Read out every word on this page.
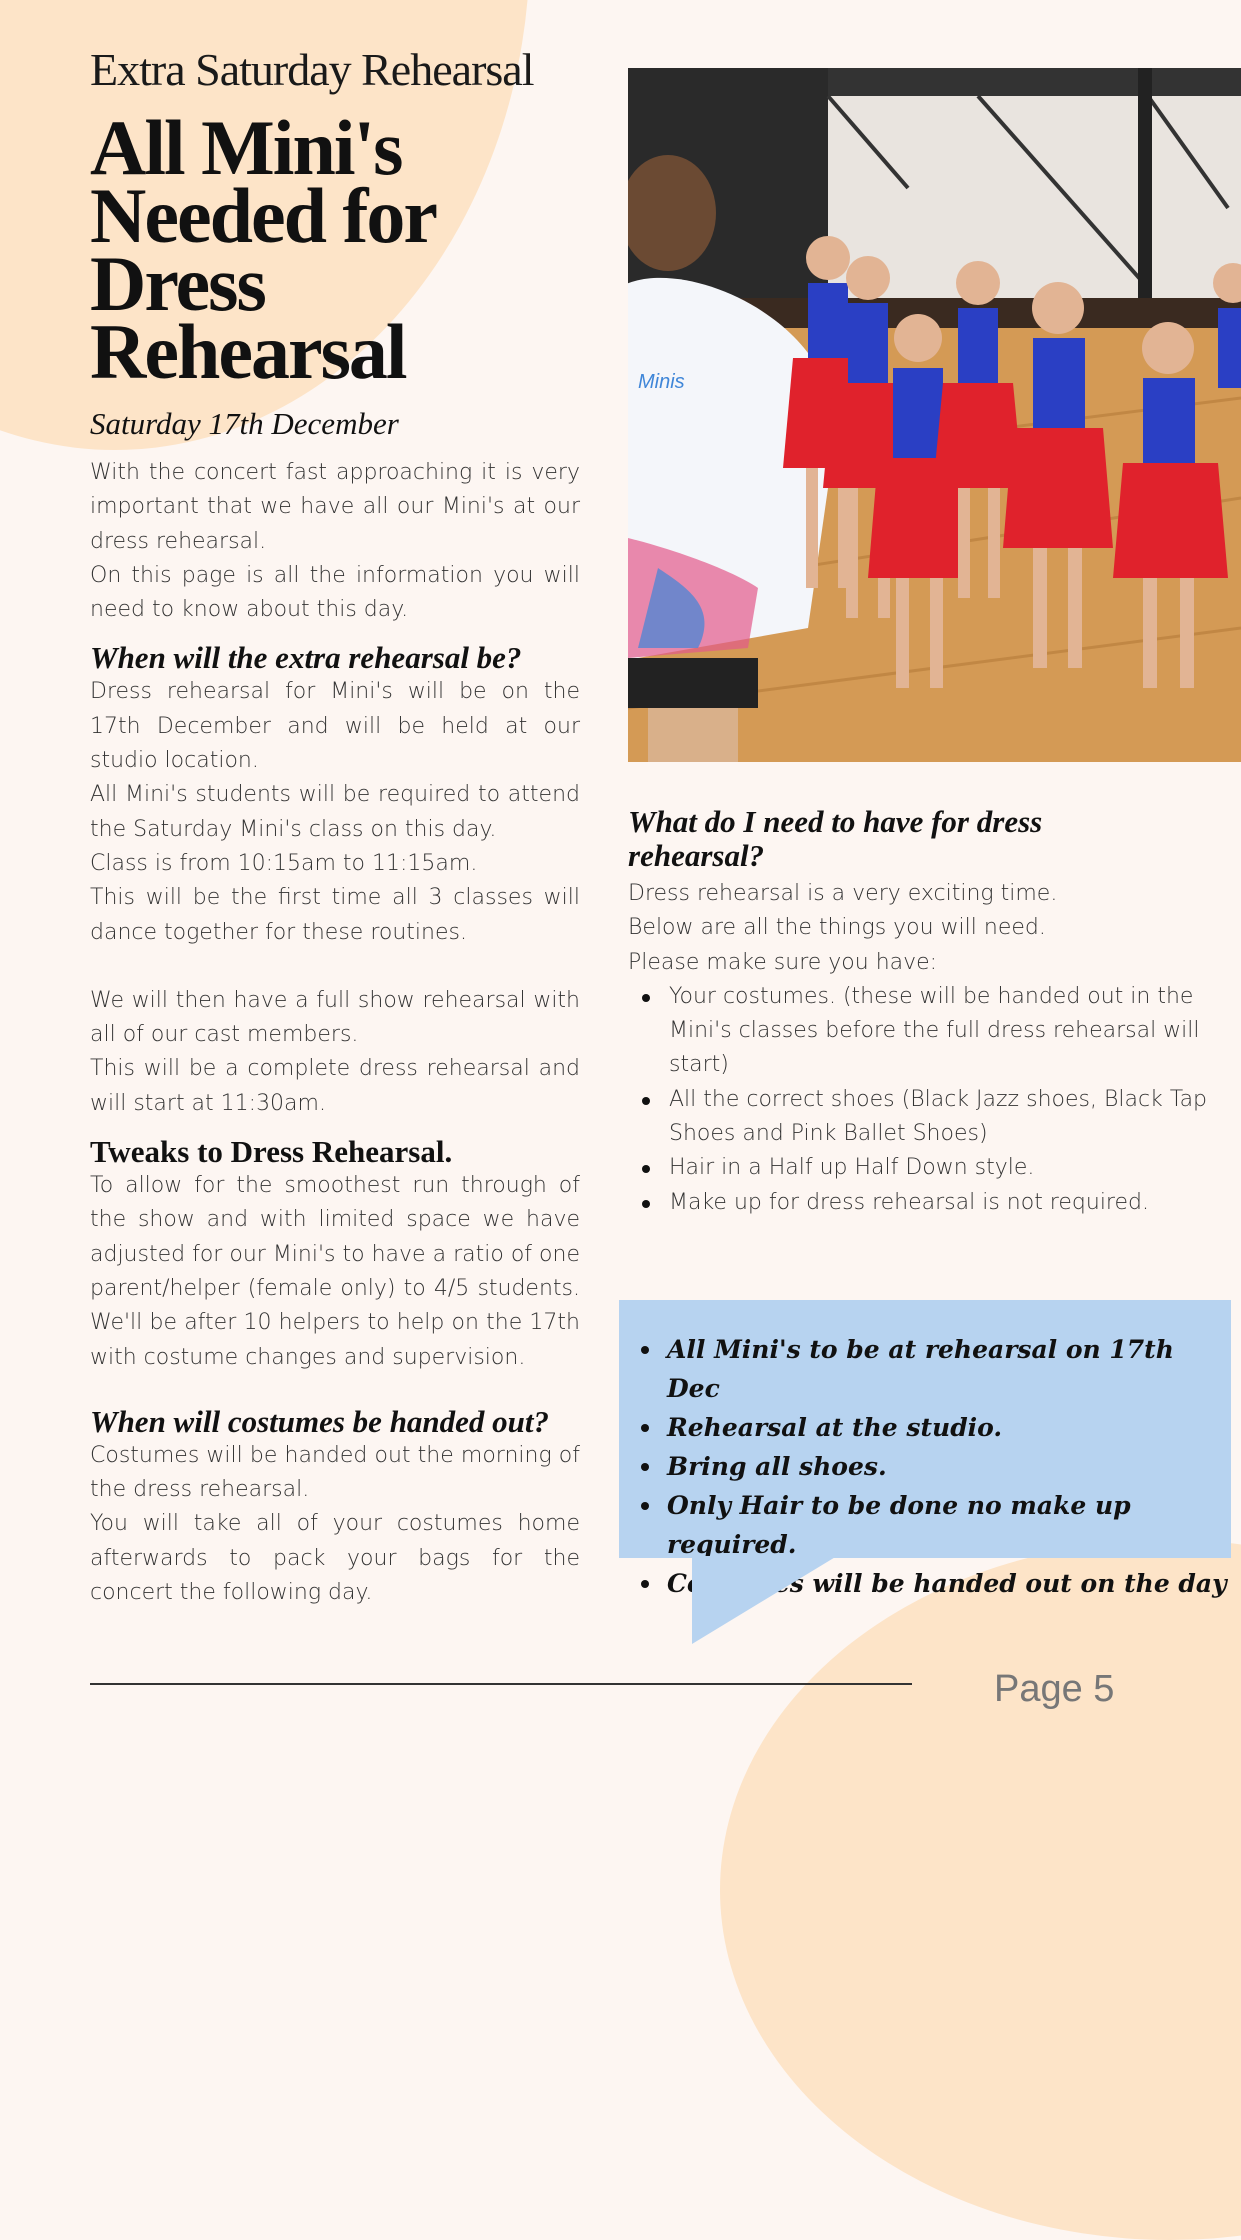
Extra Saturday Rehearsal

All Mini's
Needed for
Dress
Rehearsal

Saturday 17th December

With the concert fast approaching it is very important that we have all our Mini's at our dress rehearsal.

On this page is all the information you will need to know about this day.

When will the extra rehearsal be?

Dress rehearsal for Mini's will be on the 17th December and will be held at our studio location.

All Mini's students will be required to attend the Saturday Mini's class on this day.

Class is from 10:15am to 11:15am.

This will be the first time all 3 classes will dance together for these routines.

We will then have a full show rehearsal with all of our cast members.

This will be a complete dress rehearsal and will start at 11:30am.

Tweaks to Dress Rehearsal.

To allow for the smoothest run through of the show and with limited space we have adjusted for our Mini's to have a ratio of one parent/helper (female only) to 4/5 students. We'll be after 10 helpers to help on the 17th with costume changes and supervision.

When will costumes be handed out?

Costumes will be handed out the morning of the dress rehearsal.

You will take all of your costumes home afterwards to pack your bags for the concert the following day.

Minis
What do I need to have for dress
rehearsal?

Dress rehearsal is a very exciting time.

Below are all the things you will need.

Please make sure you have:

Your costumes. (these will be handed out in the Mini's classes before the full dress rehearsal will start)
All the correct shoes (Black Jazz shoes, Black Tap Shoes and Pink Ballet Shoes)
Hair in a Half up Half Down style.
Make up for dress rehearsal is not required.
All Mini's to be at rehearsal on 17th Dec
Rehearsal at the studio.
Bring all shoes.
Only Hair to be done no make up required.
Costumes will be handed out on the day
Page 5
